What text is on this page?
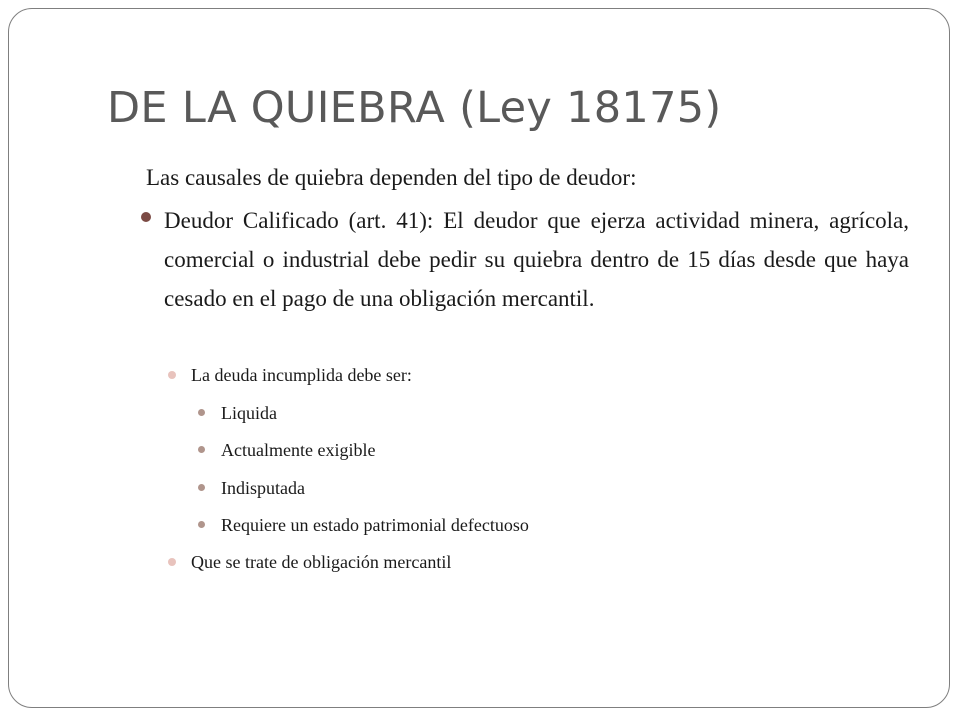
DE LA QUIEBRA (Ley 18175)
Las causales de quiebra dependen del tipo de deudor:
Deudor Calificado (art. 41): El deudor que ejerza actividad minera, agrícola, comercial o industrial debe pedir su quiebra dentro de 15 días desde que haya cesado en el pago de una obligación mercantil.
La deuda incumplida debe ser:
Liquida
Actualmente exigible
Indisputada
Requiere un estado patrimonial defectuoso
Que se trate de obligación mercantil
